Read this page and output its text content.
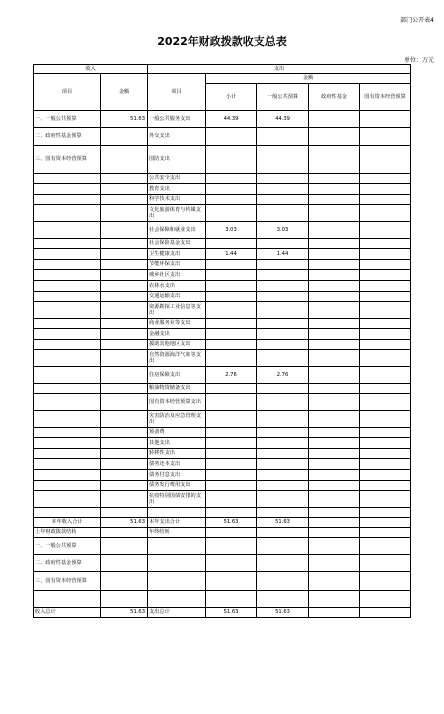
部门公开表4
2022年财政拨款收支总表
单位：万元
收入		支出				
项目	金额	项目	金额			
			小计	一般公共预算	政府性基金	国有资本经营预算
一、一般公共预算	51.63	一般公共服务支出	44.39	44.39		
二、政府性基金预算		外交支出				
三、国有资本经营预算		国防支出				
		公共安全支出				
		教育支出				
		科学技术支出				
		文化旅游体育与传媒支出				
		社会保障和就业支出	3.03	3.03		
		社会保险基金支出				
		卫生健康支出	1.44	1.44		
		节能环保支出				
		城乡社区支出				
		农林水支出				
		交通运输支出				
		资源勘探工业信息等支出				
		商业服务业等支出				
		金融支出				
		援助其他地区支出				
		自然资源海洋气象等支出				
		住房保障支出	2.76	2.76		
		粮油物资储备支出				
		国有资本经营预算支出				
		灾害防治及应急管理支出				
		预备费				
		其他支出				
		转移性支出				
		债务还本支出				
		债务付息支出				
		债务发行费用支出				
		抗疫特别国债安排的支出				

本年收入合计	51.63	本年支出合计	51.63	51.63		
上年财政拨款结转		年终结转				
一、一般公共预算						
二、政府性基金预算						
三、国有资本经营预算						

收入总计	51.63	支出总计	51.63	51.63		
